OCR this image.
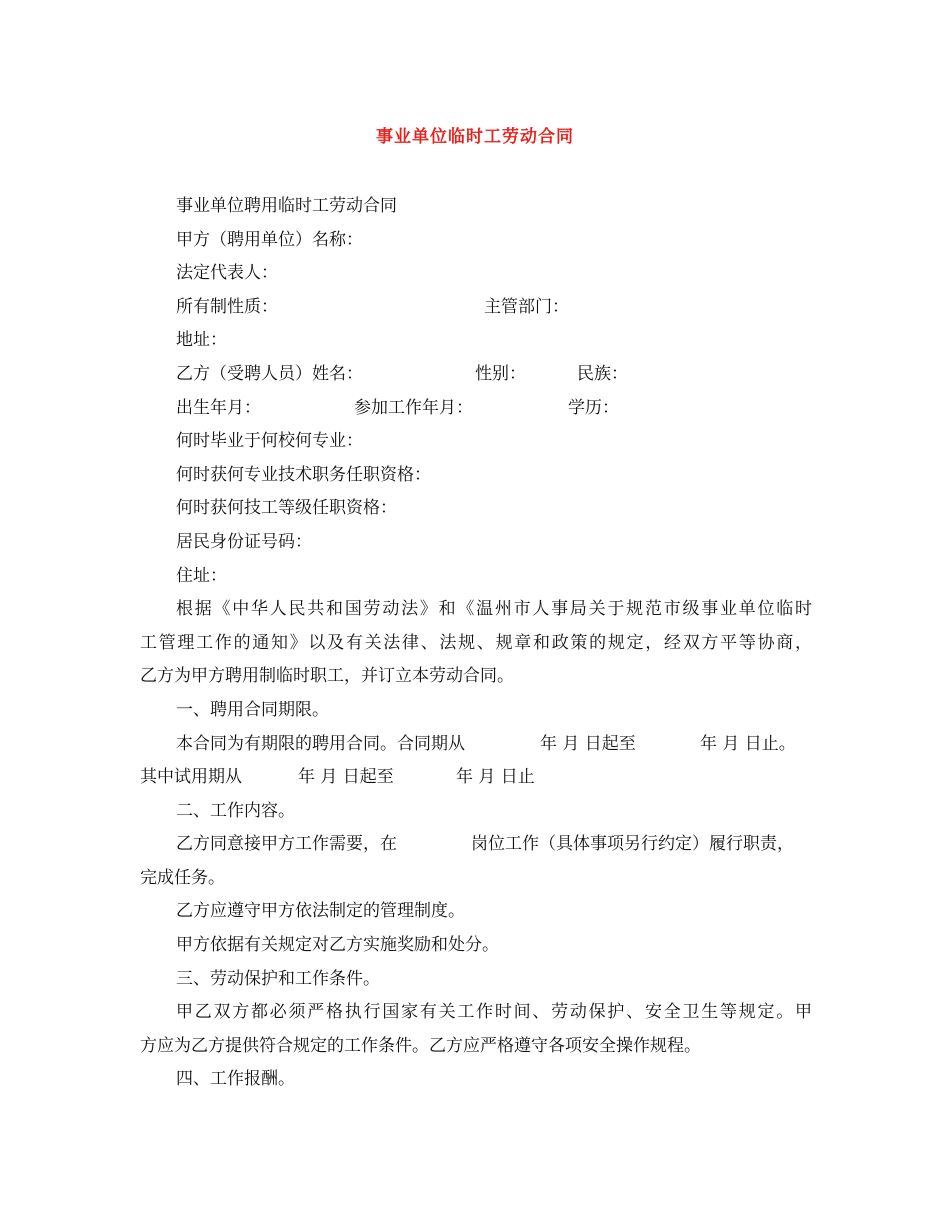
事业单位临时工劳动合同
事业单位聘用临时工劳动合同
甲方（聘用单位）名称：
法定代表人：
所有制性质：	主管部门：
地址：
乙方（受聘人员）姓名：	性别：	民族：
出生年月：	参加工作年月：	学历：
何时毕业于何校何专业：
何时获何专业技术职务任职资格：
何时获何技工等级任职资格：
居民身份证号码：
住址：
根据《中华人民共和国劳动法》和《温州市人事局关于规范市级事业单位临时
工管理工作的通知》以及有关法律、法规、规章和政策的规定，经双方平等协商，
乙方为甲方聘用制临时职工，并订立本劳动合同。
一、聘用合同期限。
本合同为有期限的聘用合同。合同期从	年 月 日起至	年 月 日止。
其中试用期从	年 月 日起至	年 月 日止
二、工作内容。
乙方同意接甲方工作需要，在	岗位工作（具体事项另行约定）履行职责，
完成任务。
乙方应遵守甲方依法制定的管理制度。
甲方依据有关规定对乙方实施奖励和处分。
三、劳动保护和工作条件。
甲乙双方都必须严格执行国家有关工作时间、劳动保护、安全卫生等规定。甲
方应为乙方提供符合规定的工作条件。乙方应严格遵守各项安全操作规程。
四、工作报酬。
